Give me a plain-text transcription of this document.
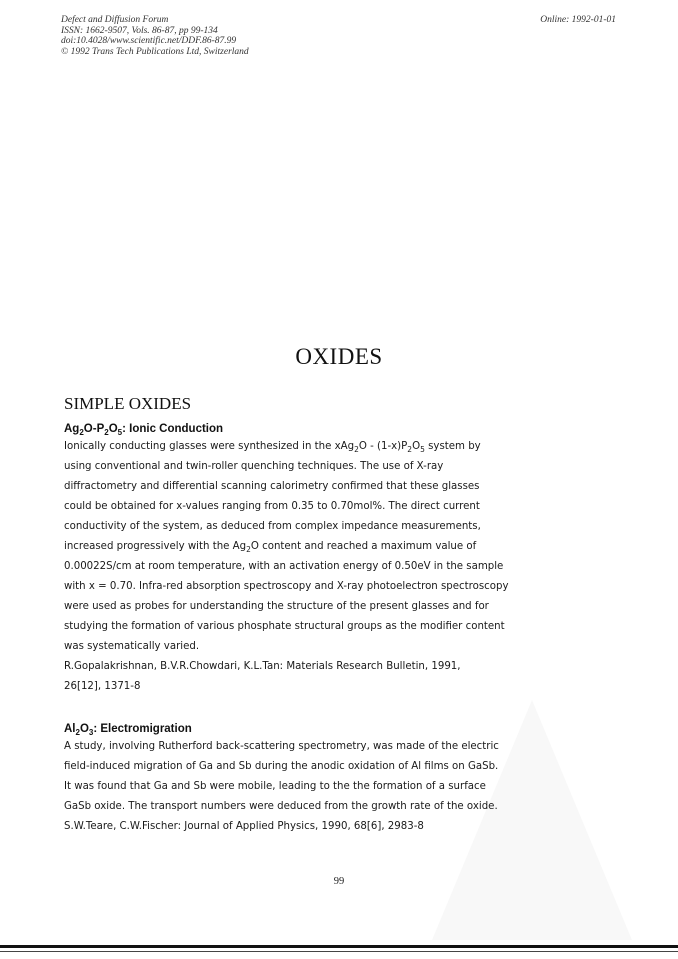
Defect and Diffusion Forum
ISSN: 1662-9507, Vols. 86-87, pp 99-134
doi:10.4028/www.scientific.net/DDF.86-87.99
© 1992 Trans Tech Publications Ltd, Switzerland
Online: 1992-01-01
OXIDES
SIMPLE OXIDES
$Ag_2O-P_2O_5$: Ionic Conduction
Ionically conducting glasses were synthesized in the $xAg_2O - (1-x)P_2O_5$ system by
using conventional and twin-roller quenching techniques. The use of X-ray
diffractometry and differential scanning calorimetry confirmed that these glasses
could be obtained for x-values ranging from 0.35 to 0.70mol%. The direct current
conductivity of the system, as deduced from complex impedance measurements,
increased progressively with the $Ag_2O$ content and reached a maximum value of
0.00022S/cm at room temperature, with an activation energy of 0.50eV in the sample
with x = 0.70. Infra-red absorption spectroscopy and X-ray photoelectron spectroscopy
were used as probes for understanding the structure of the present glasses and for
studying the formation of various phosphate structural groups as the modifier content
was systematically varied.
R.Gopalakrishnan, B.V.R.Chowdari, K.L.Tan: Materials Research Bulletin, 1991,
26[12], 1371-8
$Al_2O_3$: Electromigration
A study, involving Rutherford back-scattering spectrometry, was made of the electric
field-induced migration of Ga and Sb during the anodic oxidation of Al films on GaSb.
It was found that Ga and Sb were mobile, leading to the the formation of a surface
GaSb oxide. The transport numbers were deduced from the growth rate of the oxide.
S.W.Teare, C.W.Fischer: Journal of Applied Physics, 1990, 68[6], 2983-8
99
